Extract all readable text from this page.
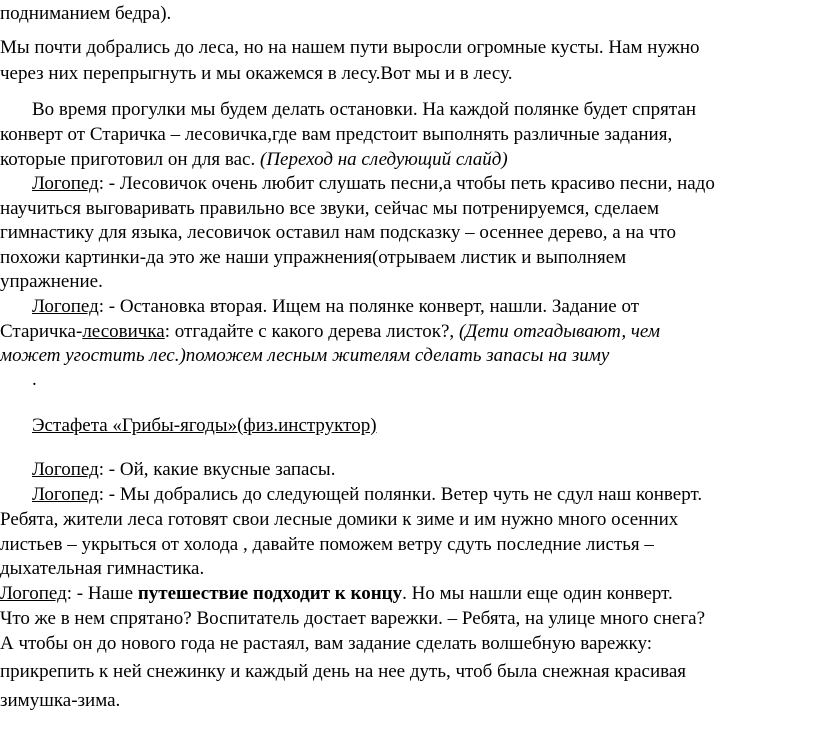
подниманием бедра).
Мы почти добрались до леса, но на нашем пути выросли огромные кусты. Нам нужно
через них перепрыгнуть и мы окажемся в лесу.Вот мы и в лесу.
Во время прогулки мы будем делать остановки. На каждой полянке будет спрятан
конверт от Старичка – лесовичка,где вам предстоит выполнять различные задания,
которые приготовил он для вас. (Переход на следующий слайд)
Логопед: - Лесовичок очень любит слушать песни,а чтобы петь красиво песни, надо
научиться выговаривать правильно все звуки, сейчас мы потренируемся, сделаем
гимнастику для языка, лесовичок оставил нам подсказку – осеннее дерево, а на что
похожи картинки-да это же наши упражнения(отрываем листик и выполняем
упражнение.
Логопед: - Остановка вторая. Ищем на полянке конверт, нашли. Задание от
Старичка-лесовичка: отгадайте с какого дерева листок?, (Дети отгадывают, чем
может угостить лес.)поможем лесным жителям сделать запасы на зиму
.
Эстафета «Грибы-ягоды»(физ.инструктор)
Логопед: - Ой, какие вкусные запасы.
Логопед: - Мы добрались до следующей полянки. Ветер чуть не сдул наш конверт.
Ребята, жители леса готовят свои лесные домики к зиме и им нужно много осенних
листьев – укрыться от холода , давайте поможем ветру сдуть последние листья –
дыхательная гимнастика.
Логопед: - Наше путешествие подходит к концу. Но мы нашли еще один конверт.
Что же в нем спрятано? Воспитатель достает варежки. – Ребята, на улице много снега?
А чтобы он до нового года не растаял, вам задание сделать волшебную варежку:
прикрепить к ней снежинку и каждый день на нее дуть, чтоб была снежная красивая
зимушка-зима.
